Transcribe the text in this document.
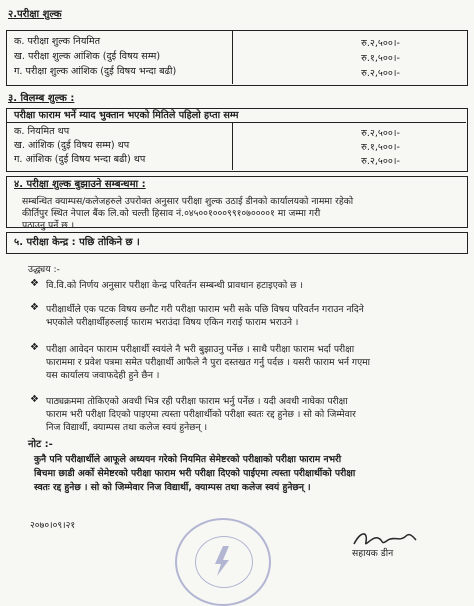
२.परीक्षा शुल्क
क. परीक्षा शुल्क नियमित
ख. परीक्षा शुल्क आंशिक (दुई विषय सम्म)
ग. परीक्षा शुल्क आंशिक (दुई विषय भन्दा बढी)
रु.२,५००।-
रु.१,५००।-
रु.२,५००।-
३. विलम्ब शुल्क :
परीक्षा फाराम भर्ने म्याद भुक्तान भएको मितिले पहिलो हप्ता सम्म
क. नियमित थप
ख. आंशिक (दुई विषय सम्म) थप
ग. आंशिक (दुई विषय भन्दा बढी) थप
रु.२,५००।-
रु.१,५००।-
रु.२,५००।-
४. परीक्षा शुल्क बुझाउने सम्बन्धमा :
सम्बन्धित क्याम्पस/कलेजहरुले उपरोक्त अनुसार परीक्षा शुल्क उठाई डीनको कार्यालयको नाममा रहेको
कीर्तिपुर स्थित नेपाल बैंक लि.को चल्ती हिसाव नं.०४५००१०००९९१०७००००१ मा जम्मा गरी
पठाउनु पर्ने छ ।
५. परीक्षा केन्द्र : पछि तोकिने छ ।
उद्ध्यय :-
❖ वि.वि.को निर्णय अनुसार परीक्षा केन्द्र परिवर्तन सम्बन्धी प्रावधान हटाइएको छ ।
❖ परीक्षार्थीले एक पटक विषय छनौट गरी परीक्षा फाराम भरी सके पछि विषय परिवर्तन गराउन नदिने
भएकोले परीक्षार्थीहरुलाई फाराम भराउंदा विषय एकिन गराई फाराम भराउने ।
❖ परीक्षा आवेदन फाराम परीक्षार्थी स्वयंले नै भरी बुझाउनु पर्नेछ । साथै परीक्षा फाराम भर्दा परीक्षा
फाराममा र प्रवेश पत्रमा समेत परीक्षार्थी आफैले नै पुरा दस्तखत गर्नु पर्दछ । यसरी फाराम भर्न गएमा
यस कार्यालय जवाफदेही हुने छैन ।
❖ पाठ्यक्रममा तोकिएको अवधी भित्र रही परीक्षा फाराम भर्नु पर्नेछ । यदी अवधी नाघेका परीक्षा
फाराम भरी परीक्षा दिएको पाइएमा त्यस्ता परीक्षार्थीको परीक्षा स्वतः रद्द हुनेछ । सो को जिम्मेवार
निज विद्यार्थी, क्याम्पस तथा कलेज स्वयं हुनेछन् ।
नोट :-
कुनै पनि परीक्षार्थीले आफूले अध्ययन गरेको नियमित सेमेष्टरको परीक्षाको परीक्षा फाराम नभरी
बिचमा छाडी अर्को सेमेष्टरको परीक्षा फाराम भरी परीक्षा दिएको पाईएमा त्यस्ता परीक्षार्थीको परीक्षा
स्वतः रद्द हुनेछ । सो को जिम्मेवार निज विद्यार्थी, क्याम्पस तथा कलेज स्वयं हुनेछन् ।
२०७०।०९।२१
सहायक डीन
